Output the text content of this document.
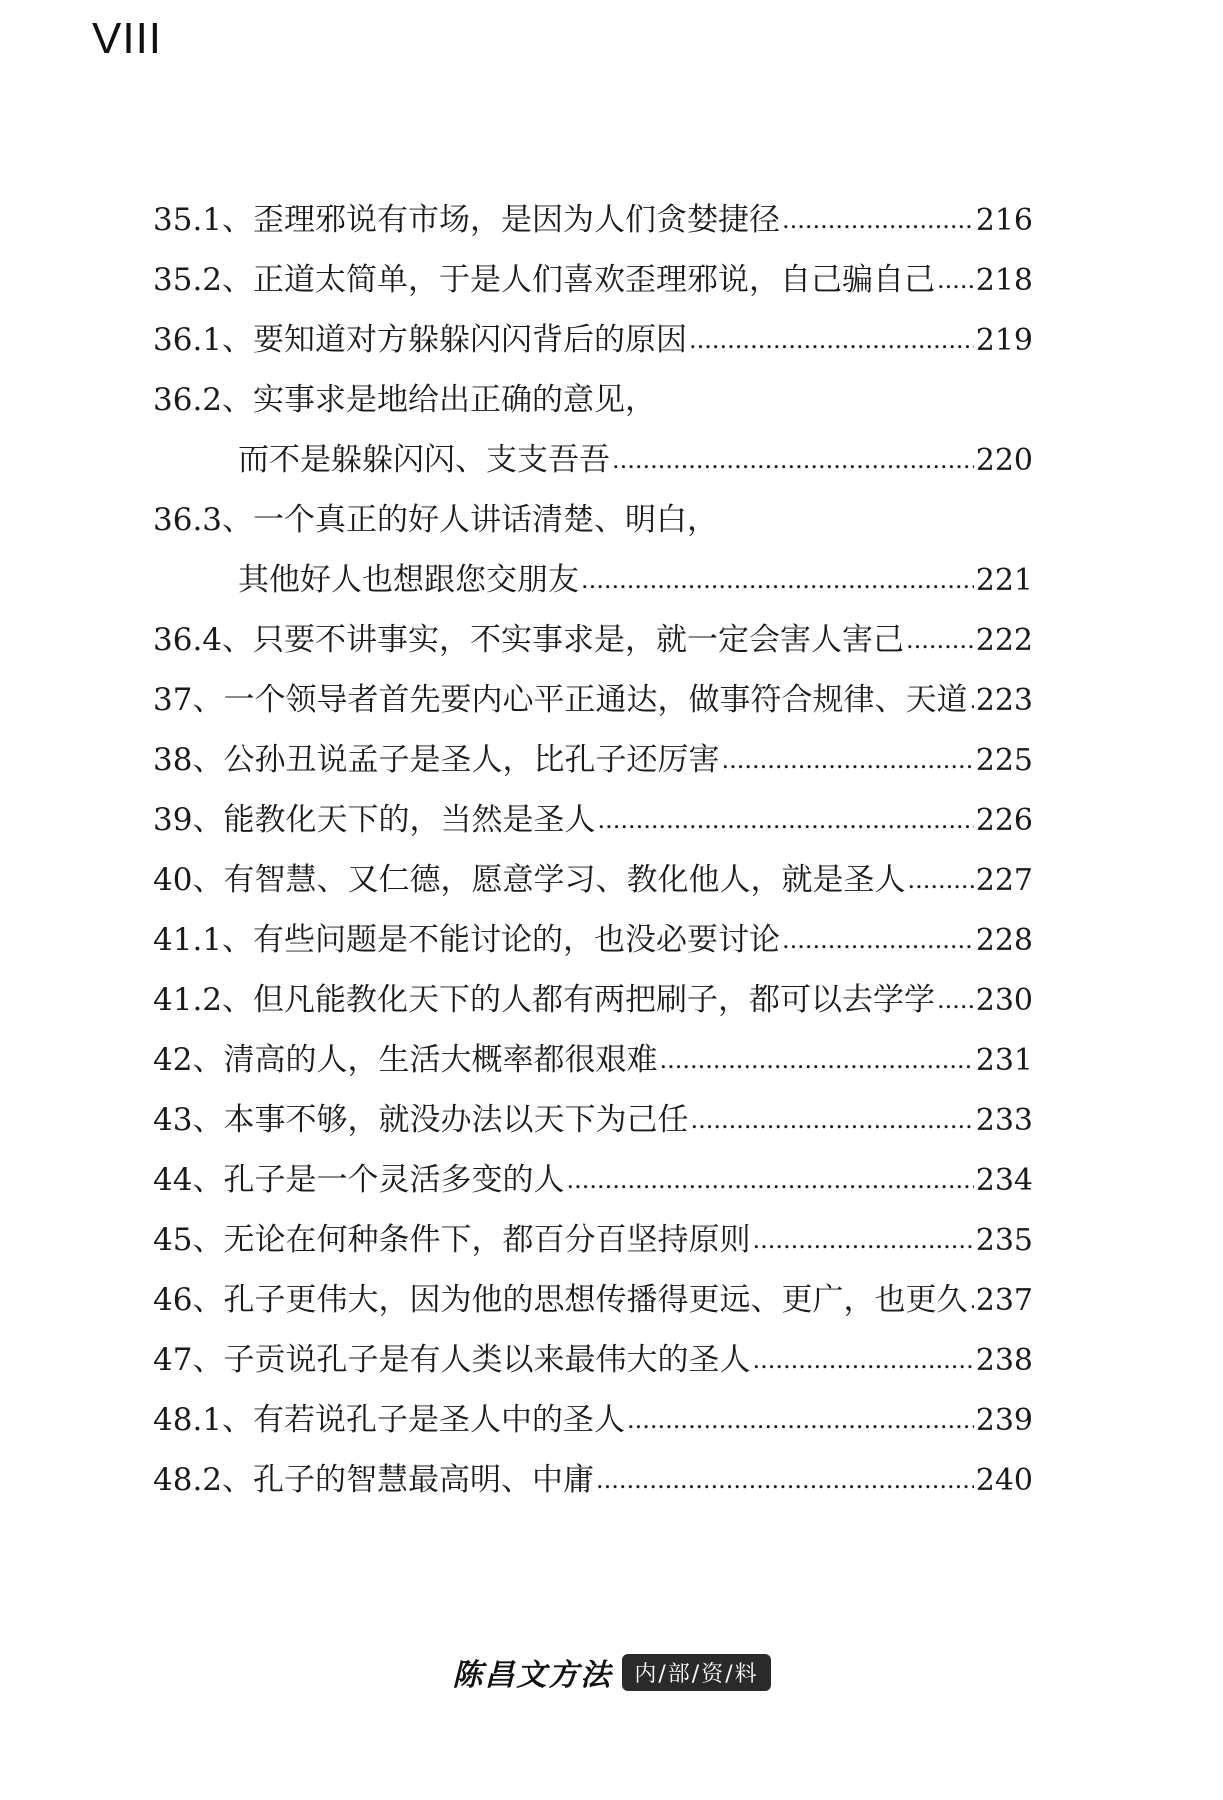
VIII
35.1、 歪理邪说有市场，是因为人们贪婪捷径 .....	216
35.2、 正道太简单，于是人们喜欢歪理邪说，自己骗自己 ..... 218
36.1、 要知道对方躲躲闪闪背后的原因 .....	219
36.2、 实事求是地给出正确的意见，
而不是躲躲闪闪、支支吾吾 .....	220
36.3、 一个真正的好人讲话清楚、明白，
其他好人也想跟您交朋友 .....	221
36.4、 只要不讲事实，不实事求是，就一定会害人害己 ..... 222
37、 一个领导者首先要内心平正通达，做事符合规律、天道 ..... 223
38、 公孙丑说孟子是圣人，比孔子还厉害 .....	225
39、 能教化天下的，当然是圣人 .....	226
40、 有智慧、又仁德，愿意学习、教化他人，就是圣人 ..... 227
41.1、 有些问题是不能讨论的，也没必要讨论 .....	228
41.2、 但凡能教化天下的人都有两把刷子，都可以去学学 ..... 230
42、 清高的人，生活大概率都很艰难 .....	231
43、 本事不够，就没办法以天下为己任 .....	233
44、 孔子是一个灵活多变的人 .....	234
45、 无论在何种条件下，都百分百坚持原则 .....	235
46、 孔子更伟大，因为他的思想传播得更远、更广，也更久 ..... 237
47、 子贡说孔子是有人类以来最伟大的圣人 .....	238
48.1、 有若说孔子是圣人中的圣人 .....	239
48.2、 孔子的智慧最高明、中庸 .....	240
陈昌文方法	内/部/资/料
